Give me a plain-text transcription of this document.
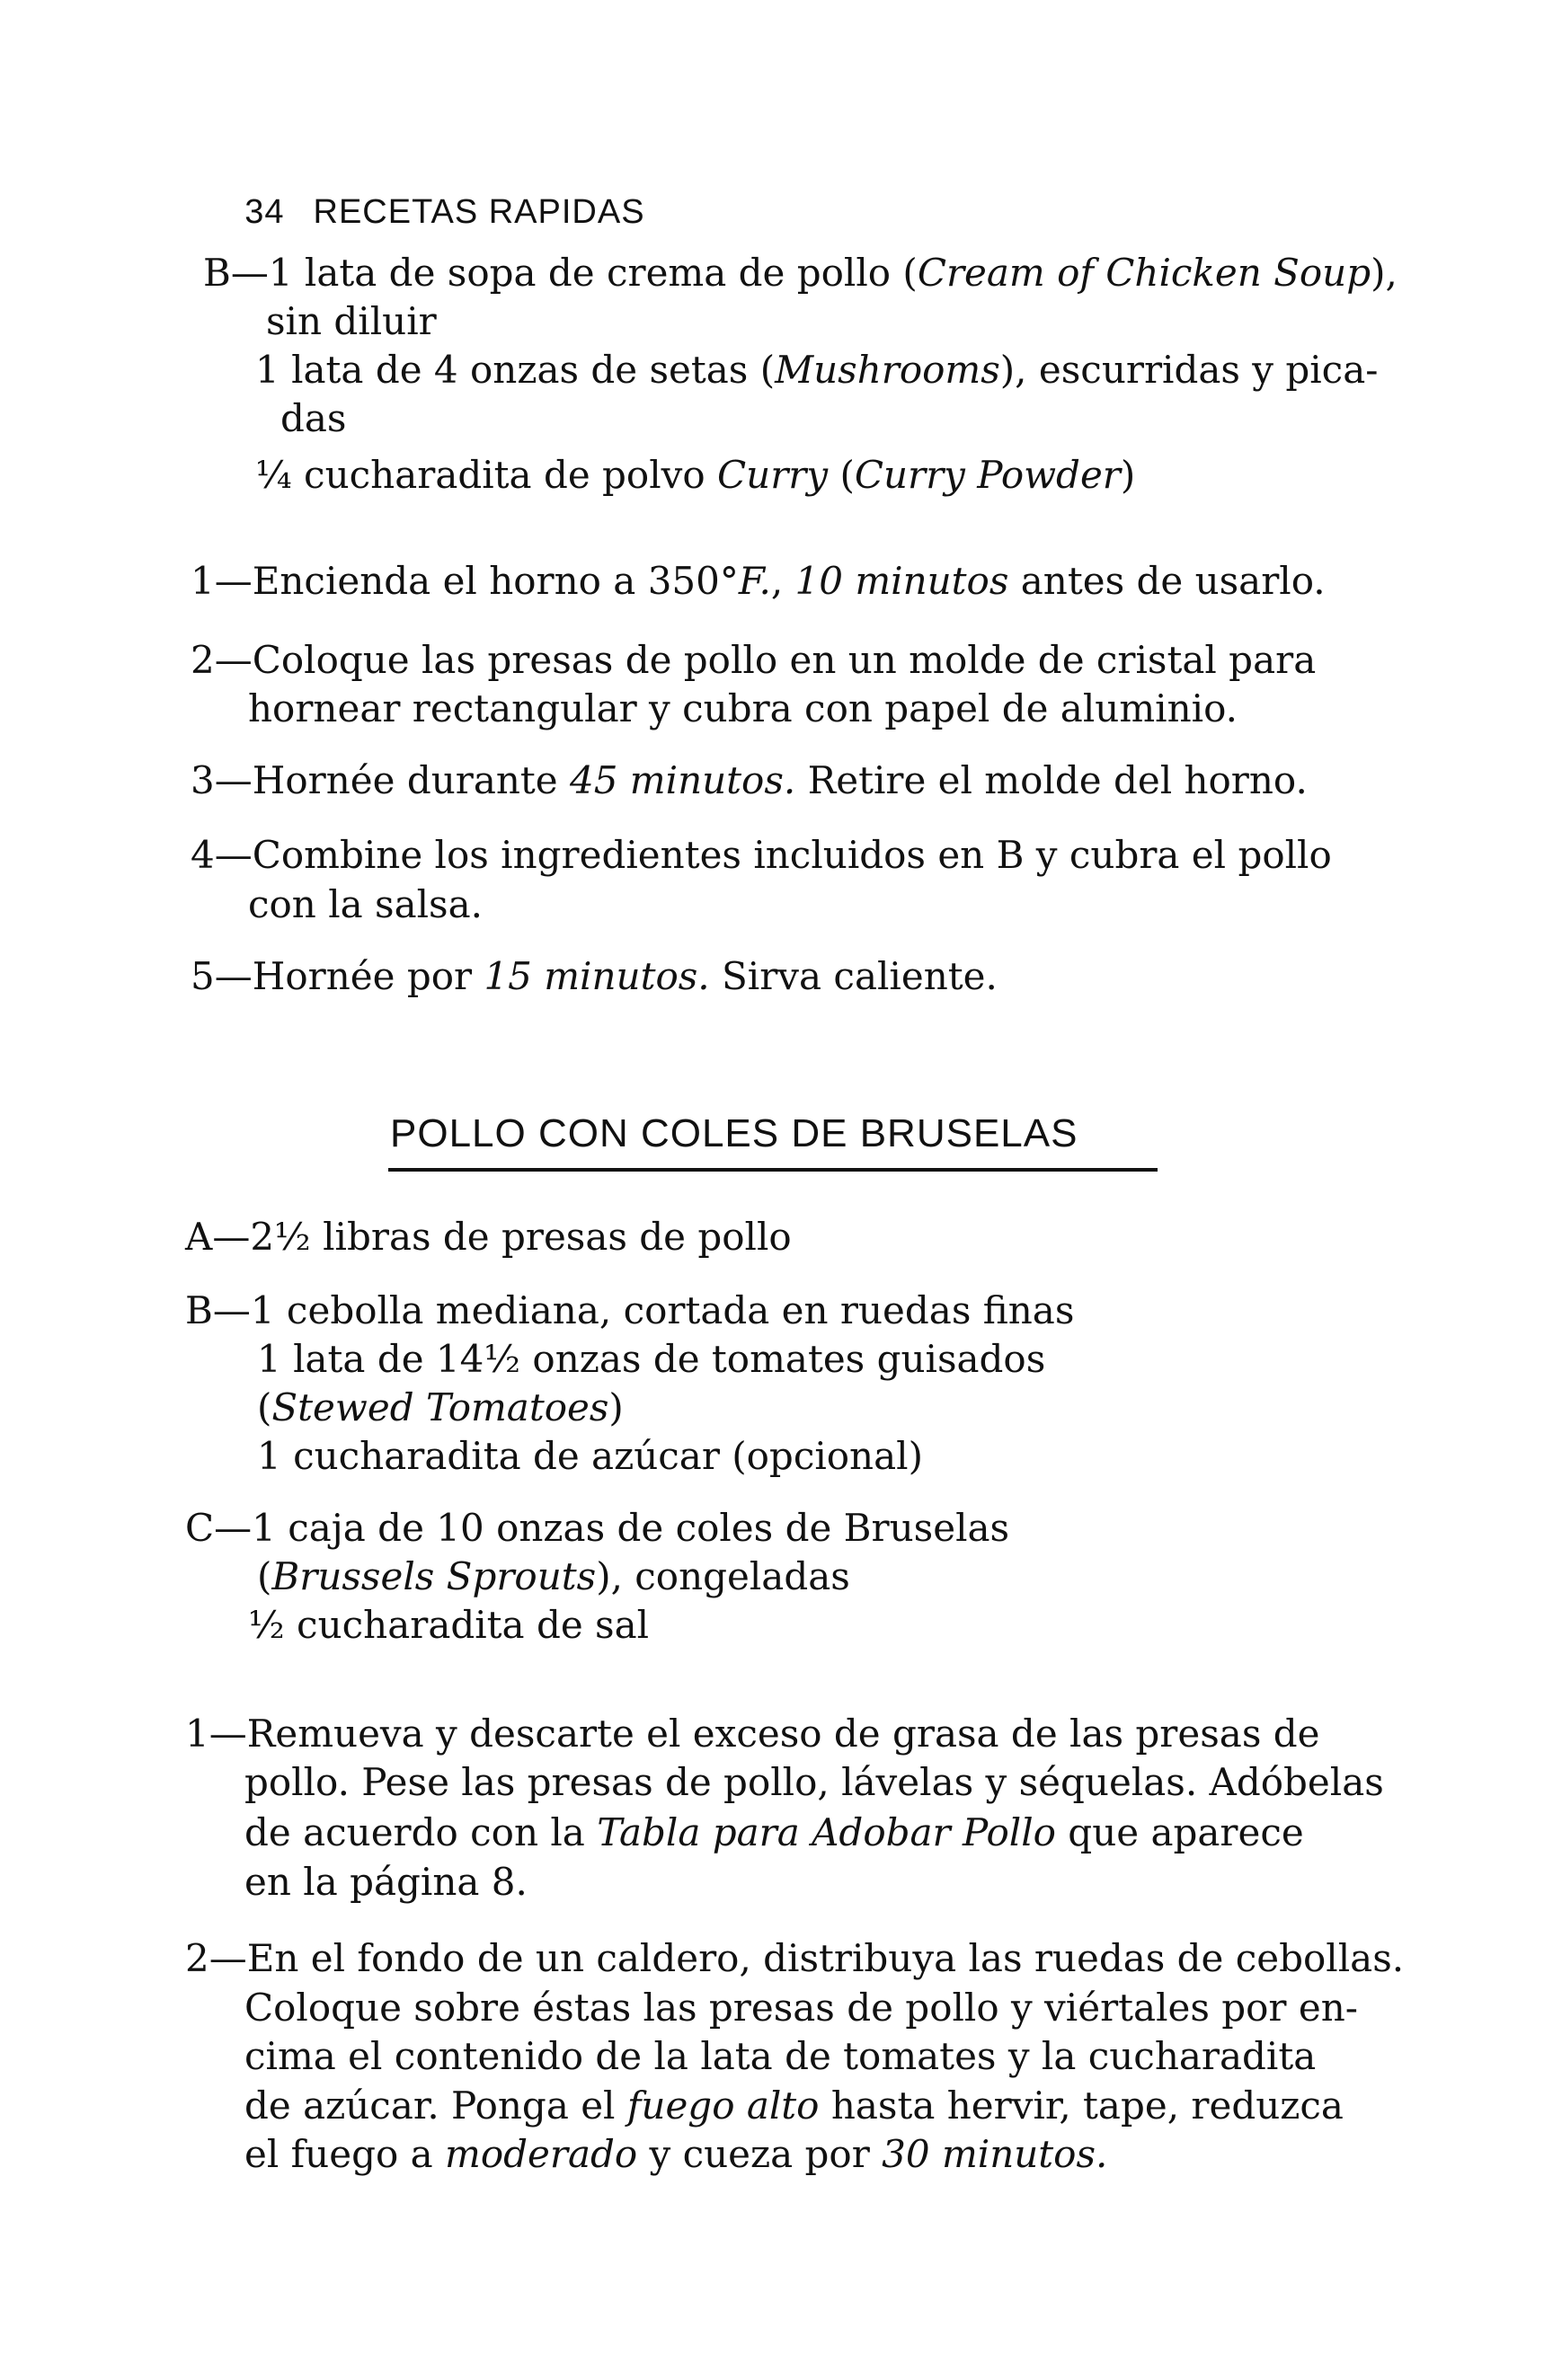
34 RECETAS RAPIDAS

B—1 lata de sopa de crema de pollo (Cream of Chicken Soup),
sin diluir
1 lata de 4 onzas de setas (Mushrooms), escurridas y pica-
das
¼ cucharadita de polvo Curry (Curry Powder)
1—Encienda el horno a 350°F., 10 minutos antes de usarlo.
2—Coloque las presas de pollo en un molde de cristal para
hornear rectangular y cubra con papel de aluminio.
3—Hornée durante 45 minutos. Retire el molde del horno.
4—Combine los ingredientes incluidos en B y cubra el pollo
con la salsa.
5—Hornée por 15 minutos. Sirva caliente.
POLLO CON COLES DE BRUSELAS
A—2½ libras de presas de pollo
B—1 cebolla mediana, cortada en ruedas finas
1 lata de 14½ onzas de tomates guisados
(Stewed Tomatoes)
1 cucharadita de azúcar (opcional)
C—1 caja de 10 onzas de coles de Bruselas
(Brussels Sprouts), congeladas
½ cucharadita de sal
1—Remueva y descarte el exceso de grasa de las presas de
pollo. Pese las presas de pollo, lávelas y séquelas. Adóbelas
de acuerdo con la Tabla para Adobar Pollo que aparece
en la página 8.
2—En el fondo de un caldero, distribuya las ruedas de cebollas.
Coloque sobre éstas las presas de pollo y viértales por en-
cima el contenido de la lata de tomates y la cucharadita
de azúcar. Ponga el fuego alto hasta hervir, tape, reduzca
el fuego a moderado y cueza por 30 minutos.
